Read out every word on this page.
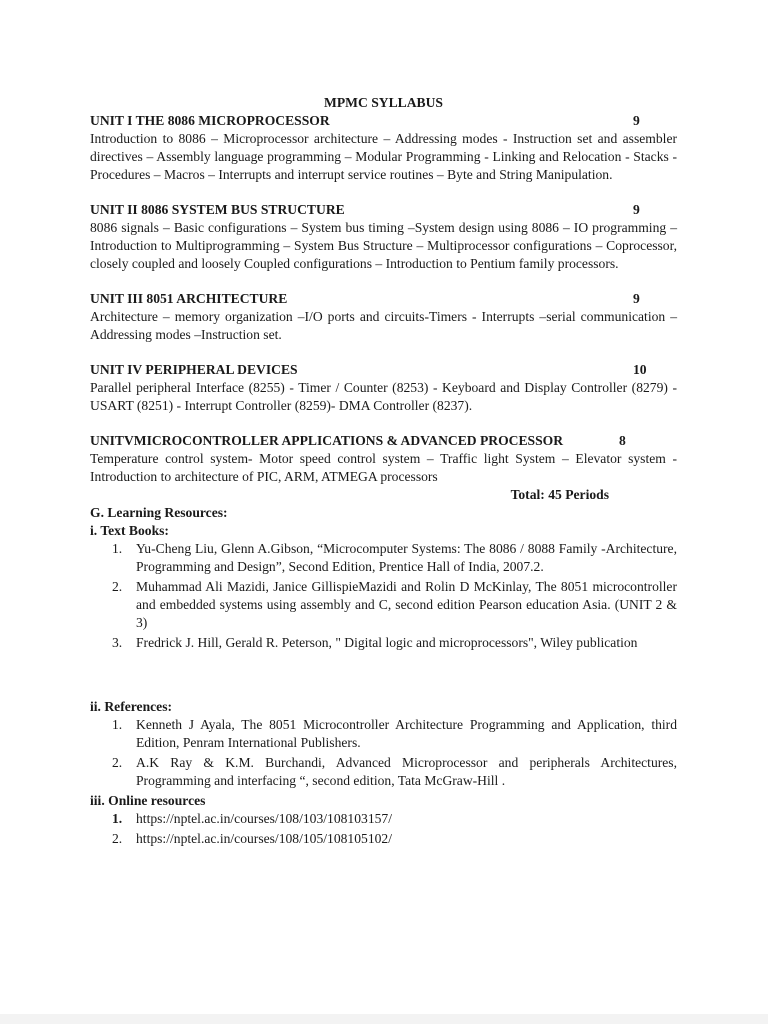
MPMC SYLLABUS
UNIT I THE 8086 MICROPROCESSOR	9
Introduction to 8086 – Microprocessor architecture – Addressing modes - Instruction set and assembler directives – Assembly language programming – Modular Programming - Linking and Relocation - Stacks - Procedures – Macros – Interrupts and interrupt service routines – Byte and String Manipulation.
UNIT II 8086 SYSTEM BUS STRUCTURE	9
8086 signals – Basic configurations – System bus timing –System design using 8086 – IO programming – Introduction to Multiprogramming – System Bus Structure – Multiprocessor configurations – Coprocessor, closely coupled and loosely Coupled configurations – Introduction to Pentium family processors.
UNIT III 8051 ARCHITECTURE	9
Architecture – memory organization –I/O ports and circuits-Timers - Interrupts –serial communication – Addressing modes –Instruction set.
UNIT IV PERIPHERAL DEVICES	10
Parallel peripheral Interface (8255) - Timer / Counter (8253) - Keyboard and Display Controller (8279) - USART (8251) - Interrupt Controller (8259)- DMA Controller (8237).
UNITVMICROCONTROLLER APPLICATIONS & ADVANCED PROCESSOR	8
Temperature control system- Motor speed control system – Traffic light System – Elevator system - Introduction to architecture of PIC, ARM, ATMEGA processors
Total: 45 Periods
G. Learning Resources:
i. Text Books:
1. Yu-Cheng Liu, Glenn A.Gibson, “Microcomputer Systems: The 8086 / 8088 Family -Architecture, Programming and Design”, Second Edition, Prentice Hall of India, 2007.2.
2. Muhammad Ali Mazidi, Janice GillispieMazidi and Rolin D McKinlay, The 8051 microcontroller and embedded systems using assembly and C, second edition Pearson education Asia. (UNIT 2 & 3)
3. Fredrick J. Hill, Gerald R. Peterson, " Digital logic and microprocessors", Wiley publication
ii. References:
1. Kenneth J Ayala, The 8051 Microcontroller Architecture Programming and Application, third Edition, Penram International Publishers.
2. A.K Ray & K.M. Burchandi, Advanced Microprocessor and peripherals Architectures, Programming and interfacing “, second edition, Tata McGraw-Hill .
iii. Online resources
1. https://nptel.ac.in/courses/108/103/108103157/
2. https://nptel.ac.in/courses/108/105/108105102/
